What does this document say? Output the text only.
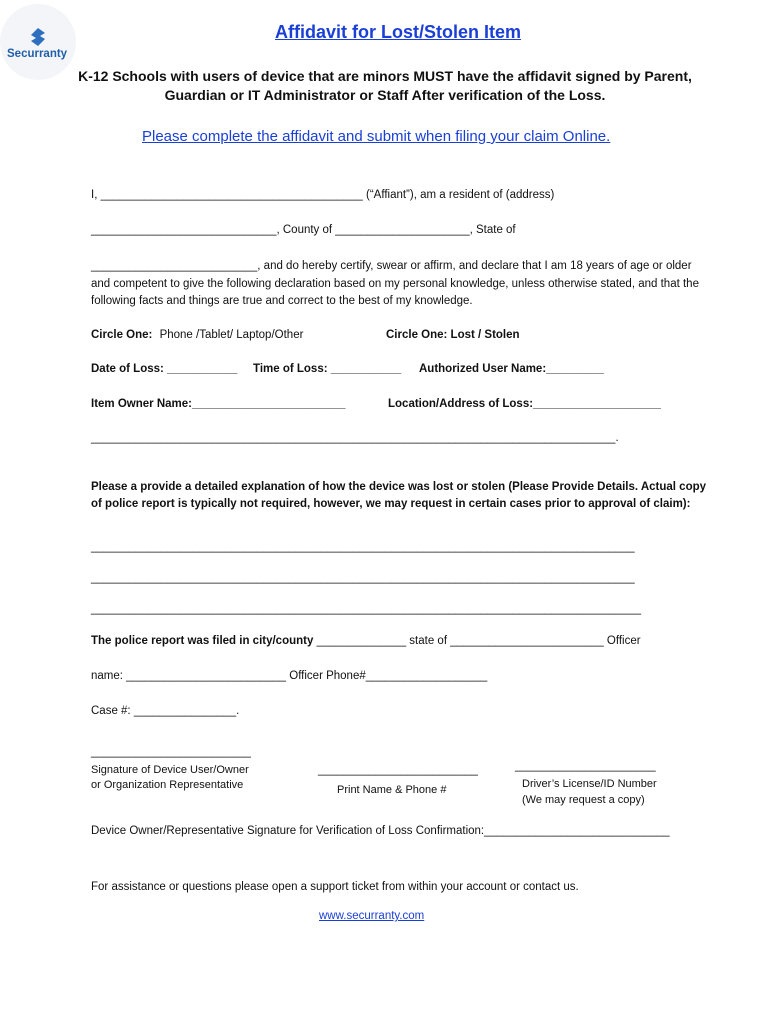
Securranty
Affidavit for Lost/Stolen Item
K-12 Schools with users of device that are minors MUST have the affidavit signed by Parent, Guardian or IT Administrator or Staff After verification of the Loss.
Please complete the affidavit and submit when filing your claim Online.
I, _________________________________________ (“Affiant”), am a resident of (address)
_____________________________, County of _____________________, State of
__________________________, and do hereby certify, swear or affirm, and declare that I am 18 years of age or older and competent to give the following declaration based on my personal knowledge, unless otherwise stated, and that the following facts and things are true and correct to the best of my knowledge.
Circle One: Phone /Tablet/ Laptop/Other	Circle One: Lost / Stolen
Date of Loss: ___________ Time of Loss: ___________ Authorized User Name:_________
Item Owner Name:________________________	Location/Address of Loss:____________________
__________________________________________________________________________________.
Please a provide a detailed explanation of how the device was lost or stolen (Please Provide Details. Actual copy of police report is typically not required, however, we may request in certain cases prior to approval of claim):
_____________________________________________________________________________________
_____________________________________________________________________________________
______________________________________________________________________________________
The police report was filed in city/county ______________ state of ________________________ Officer
name: _________________________ Officer Phone#___________________
Case #: ________________.
_________________________
Signature of Device User/Owner
or Organization Representative
_________________________
Print Name & Phone #
______________________
Driver’s License/ID Number
(We may request a copy)
Device Owner/Representative Signature for Verification of Loss Confirmation:_____________________________
For assistance or questions please open a support ticket from within your account or contact us.
www.securranty.com
